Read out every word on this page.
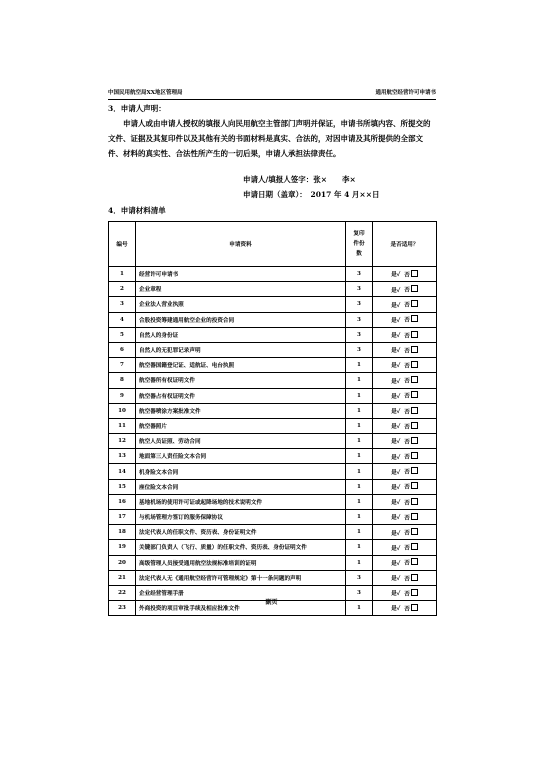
中国民用航空局XX地区管理局	通用航空经营许可申请书
3．申请人声明：
申请人或由申请人授权的填报人向民用航空主管部门声明并保证，申请书所填内容、所提交的文件、证据及其复印件以及其他有关的书面材料是真实、合法的，对因申请及其所提供的全部文件、材料的真实性、合法性所产生的一切后果，申请人承担法律责任。
申请人/填报人签字：张×　　李×
申请日期（盖章）：　2017 年 4 月××日
4．申请材料清单
编号	申请资料	复印件份数	是否适用？
1	经营许可申请书	3	是✓ 否
2	企业章程	3	是✓ 否
3	企业法人营业执照	3	是✓ 否
4	合股投资筹建通用航空企业的投资合同	3	是✓ 否
5	自然人的身份证	3	是✓ 否
6	自然人的无犯罪记录声明	3	是✓ 否
7	航空器国籍登记证、适航证、电台执照	1	是✓ 否
8	航空器所有权证明文件	1	是✓ 否
9	航空器占有权证明文件	1	是✓ 否
10	航空器喷涂方案批准文件	1	是✓ 否
11	航空器照片	1	是✓ 否
12	航空人员证照、劳动合同	1	是✓ 否
13	地面第三人责任险文本合同	1	是✓ 否
14	机身险文本合同	1	是✓ 否
15	座位险文本合同	1	是✓ 否
16	基地机场的使用许可证或起降场地的技术说明文件	1	是✓ 否
17	与机场管理方签订的服务保障协议	1	是✓ 否
18	法定代表人的任职文件、资历表、身份证明文件	1	是✓ 否
19	关键部门负责人（飞行、质量）的任职文件、资历表、身份证明文件	1	是✓ 否
20	高级管理人员接受通用航空法规标准培训的证明	1	是✓ 否
21	法定代表人无《通用航空经营许可管理规定》第十一条问题的声明	3	是✓ 否
22	企业经营管理手册	3	是✓ 否
23	外商投资的项目审批手续及相应批准文件	1	是✓ 否
副页
